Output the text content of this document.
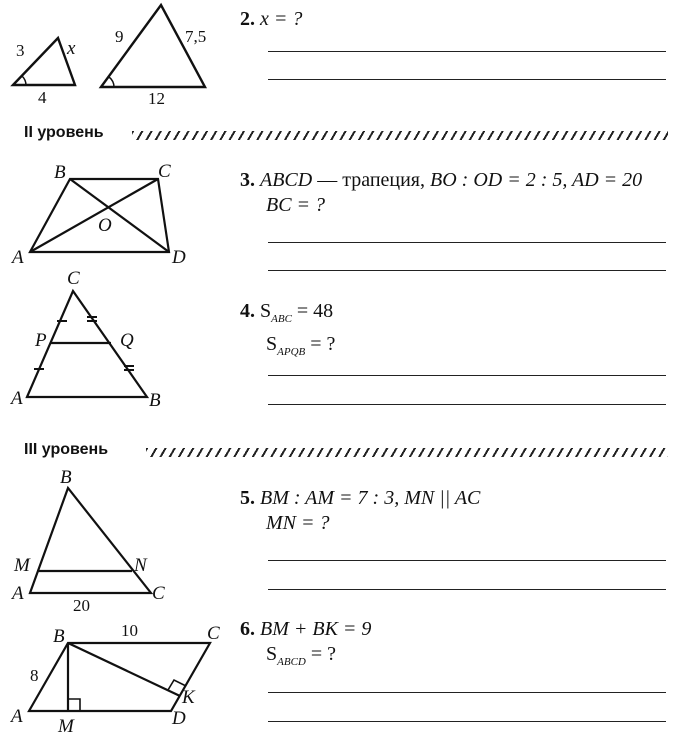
3 x
4
9	7,5
12
2. x = ?
II уровень
B	C
O
A	D
3. ABCD — трапеция, BO : OD = 2 : 5, AD = 20
BC = ?
C
P	Q
A	B
4. $S_{ABC} = 48$
$S_{APQB}$ = ?
III уровень
B
M	N
A	C
20
5. BM : AM = 7 : 3, MN || AC
MN = ?
B	10	C
8
K
A M	D
6. BM + BK = 9
$S_{ABCD}$ = ?
